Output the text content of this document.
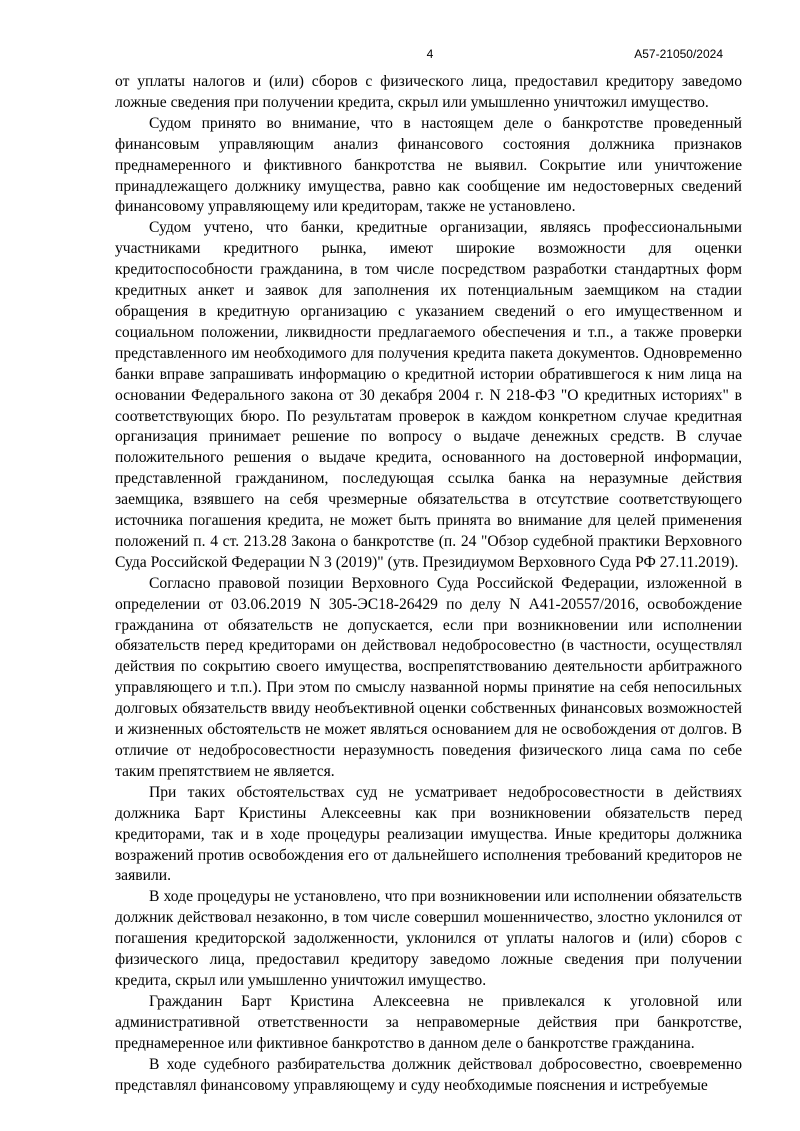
4	А57-21050/2024

от уплаты налогов и (или) сборов с физического лица, предоставил кредитору заведомо ложные сведения при получении кредита, скрыл или умышленно уничтожил имущество.

Судом принято во внимание, что в настоящем деле о банкротстве проведенный финансовым управляющим анализ финансового состояния должника признаков преднамеренного и фиктивного банкротства не выявил. Сокрытие или уничтожение принадлежащего должнику имущества, равно как сообщение им недостоверных сведений финансовому управляющему или кредиторам, также не установлено.

Судом учтено, что банки, кредитные организации, являясь профессиональными участниками кредитного рынка, имеют широкие возможности для оценки кредитоспособности гражданина, в том числе посредством разработки стандартных форм кредитных анкет и заявок для заполнения их потенциальным заемщиком на стадии обращения в кредитную организацию с указанием сведений о его имущественном и социальном положении, ликвидности предлагаемого обеспечения и т.п., а также проверки представленного им необходимого для получения кредита пакета документов. Одновременно банки вправе запрашивать информацию о кредитной истории обратившегося к ним лица на основании Федерального закона от 30 декабря 2004 г. N 218-ФЗ "О кредитных историях" в соответствующих бюро. По результатам проверок в каждом конкретном случае кредитная организация принимает решение по вопросу о выдаче денежных средств. В случае положительного решения о выдаче кредита, основанного на достоверной информации, представленной гражданином, последующая ссылка банка на неразумные действия заемщика, взявшего на себя чрезмерные обязательства в отсутствие соответствующего источника погашения кредита, не может быть принята во внимание для целей применения положений п. 4 ст. 213.28 Закона о банкротстве (п. 24 "Обзор судебной практики Верховного Суда Российской Федерации N 3 (2019)" (утв. Президиумом Верховного Суда РФ 27.11.2019).

Согласно правовой позиции Верховного Суда Российской Федерации, изложенной в определении от 03.06.2019 N 305-ЭС18-26429 по делу N А41-20557/2016, освобождение гражданина от обязательств не допускается, если при возникновении или исполнении обязательств перед кредиторами он действовал недобросовестно (в частности, осуществлял действия по сокрытию своего имущества, воспрепятствованию деятельности арбитражного управляющего и т.п.). При этом по смыслу названной нормы принятие на себя непосильных долговых обязательств ввиду необъективной оценки собственных финансовых возможностей и жизненных обстоятельств не может являться основанием для не освобождения от долгов. В отличие от недобросовестности неразумность поведения физического лица сама по себе таким препятствием не является.

При таких обстоятельствах суд не усматривает недобросовестности в действиях должника Барт Кристины Алексеевны как при возникновении обязательств перед кредиторами, так и в ходе процедуры реализации имущества. Иные кредиторы должника возражений против освобождения его от дальнейшего исполнения требований кредиторов не заявили.

В ходе процедуры не установлено, что при возникновении или исполнении обязательств должник действовал незаконно, в том числе совершил мошенничество, злостно уклонился от погашения кредиторской задолженности, уклонился от уплаты налогов и (или) сборов с физического лица, предоставил кредитору заведомо ложные сведения при получении кредита, скрыл или умышленно уничтожил имущество.

Гражданин Барт Кристина Алексеевна не привлекался к уголовной или административной ответственности за неправомерные действия при банкротстве, преднамеренное или фиктивное банкротство в данном деле о банкротстве гражданина.

В ходе судебного разбирательства должник действовал добросовестно, своевременно представлял финансовому управляющему и суду необходимые пояснения и истребуемые
